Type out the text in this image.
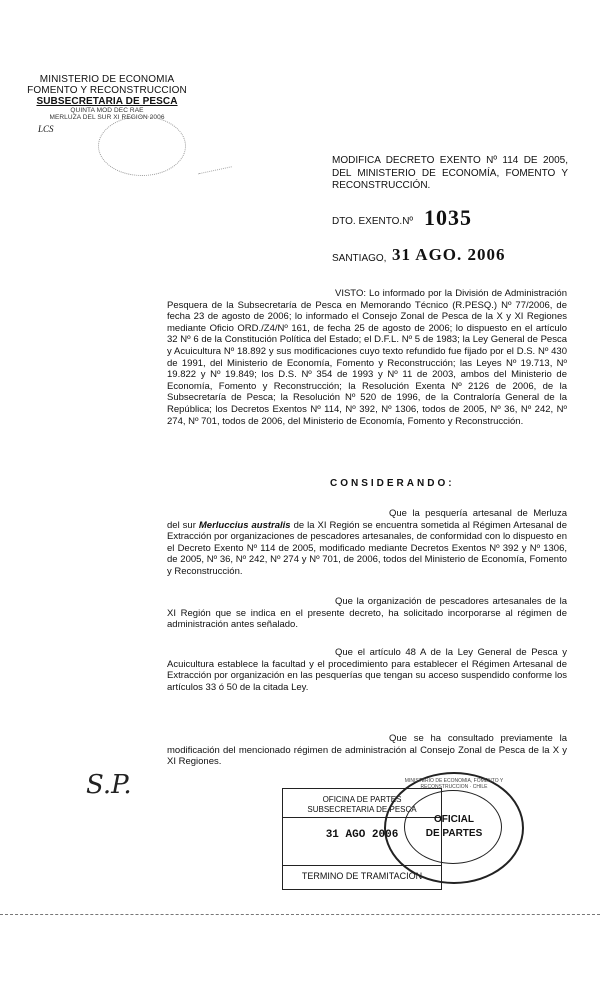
MINISTERIO DE ECONOMIA
FOMENTO Y RECONSTRUCCION
SUBSECRETARIA DE PESCA
QUINTA MOD DEC RAE
MERLUZA DEL SUR XI REGION 2006
LCS
MODIFICA DECRETO EXENTO Nº 114 DE 2005, DEL MINISTERIO DE ECONOMÍA, FOMENTO Y RECONSTRUCCIÓN.
DTO. EXENTO.Nº 1035
SANTIAGO, 31 AGO. 2006
VISTO: Lo informado por la División de Administración Pesquera de la Subsecretaría de Pesca en Memorando Técnico (R.PESQ.) Nº 77/2006, de fecha 23 de agosto de 2006; lo informado el Consejo Zonal de Pesca de la X y XI Regiones mediante Oficio ORD./Z4/Nº 161, de fecha 25 de agosto de 2006; lo dispuesto en el artículo 32 Nº 6 de la Constitución Política del Estado; el D.F.L. Nº 5 de 1983; la Ley General de Pesca y Acuicultura Nº 18.892 y sus modificaciones cuyo texto refundido fue fijado por el D.S. Nº 430 de 1991, del Ministerio de Economía, Fomento y Reconstrucción; las Leyes Nº 19.713, Nº 19.822 y Nº 19.849; los D.S. Nº 354 de 1993 y Nº 11 de 2003, ambos del Ministerio de Economía, Fomento y Reconstrucción; la Resolución Exenta Nº 2126 de 2006, de la Subsecretaría de Pesca; la Resolución Nº 520 de 1996, de la Contraloría General de la República; los Decretos Exentos Nº 114, Nº 392, Nº 1306, todos de 2005, Nº 36, Nº 242, Nº 274, Nº 701, todos de 2006, del Ministerio de Economía, Fomento y Reconstrucción.
CONSIDERANDO:
Que la pesquería artesanal de Merluza del sur Merluccius australis de la XI Región se encuentra sometida al Régimen Artesanal de Extracción por organizaciones de pescadores artesanales, de conformidad con lo dispuesto en el Decreto Exento Nº 114 de 2005, modificado mediante Decretos Exentos Nº 392 y Nº 1306, de 2005, Nº 36, Nº 242, Nº 274 y Nº 701, de 2006, todos del Ministerio de Economía, Fomento y Reconstrucción.
Que la organización de pescadores artesanales de la XI Región que se indica en el presente decreto, ha solicitado incorporarse al régimen de administración antes señalado.
Que el artículo 48 A de la Ley General de Pesca y Acuicultura establece la facultad y el procedimiento para establecer el Régimen Artesanal de Extracción por organización en las pesquerías que tengan su acceso suspendido conforme los artículos 33 ó 50 de la citada Ley.
Que se ha consultado previamente la modificación del mencionado régimen de administración al Consejo Zonal de Pesca de la X y XI Regiones.
S.P.	OFICINA DE PARTES
SUBSECRETARIA DE PESCA
31 AGO 2006
TERMINO DE TRAMITACION
OFICIAL
DE PARTES
MINISTERIO DE ECONOMIA, FOMENTO Y RECONSTRUCCION · CHILE
